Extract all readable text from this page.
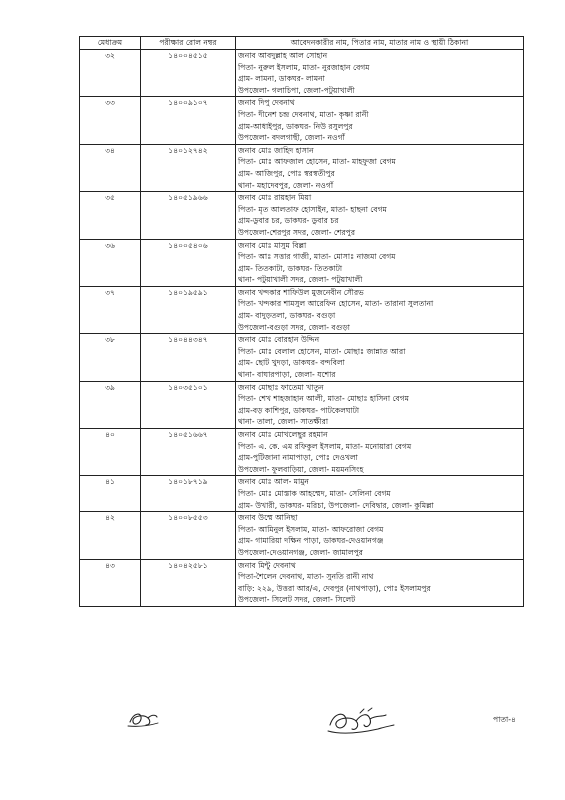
মেধাক্রম	পরীক্ষার রোল নম্বর	আবেদনকারীর নাম, পিতার নাম, মাতার নাম ও স্থায়ী ঠিকানা
৩২	১৪০০৪৫১৫	জনাব আবদুল্লাহ আল সোহান
পিতা- নুরুল ইসলাম, মাতা- নুরজাহান বেগম
গ্রাম- লামনা, ডাকঘর- লামনা
উপজেলা- গলাচিপা, জেলা-পটুয়াখালী

৩৩	১৪০০৯১০৭	জনাব দিপু দেবনাথ
পিতা- দীনেশ চন্দ্র দেবনাথ, মাতা- কৃষ্ণা রানী
গ্রাম-আধাইপুর, ডাকঘর- নিউ রসুলপুর
উপজেলা- বদলগাছী, জেলা- নওগাঁ

৩৪	১৪০১২৭৪২	জনাব মোঃ জাহিদ হাসান
পিতা- মোঃ আফজাল হোসেন, মাতা- মাহফুজা বেগম
গ্রাম- আজিপুর, পোঃ স্বরস্বতীপুর
থানা- মহাদেবপুর, জেলা- নওগাঁ

৩৫	১৪০৫১৯৬৬	জনাব মোঃ রায়হান মিয়া
পিতা- মৃত আলতাফ হোসাইন, মাতা- হাছনা বেগম
গ্রাম-ডুবার চর, ডাকঘর- ডুবার চর
উপজেলা-শেরপুর সদর, জেলা- শেরপুর

৩৬	১৪০০৫৪০৬	জনাব মোঃ মাসুম বিল্লা
পিতা- আঃ সত্তার গাজী, মাতা- মোসাঃ নাজমা বেগম
গ্রাম- তিতকাটা, ডাকঘর- তিতকাটা
থানা- পটুয়াখালী সদর, জেলা- পটুয়াখালী

৩৭	১৪০১৯৫৯১	জনাব খন্দকার শাফিউল মুজনেবীন সৌরভ
পিতা- খন্দকার শামসুল আরেফিন হোসেন, মাতা- তারানা সুলতানা
গ্রাম- বাদুড়তলা, ডাকঘর- বগুড়া
উপজেলা-বগুড়া সদর, জেলা- বগুড়া

৩৮	১৪০৪৪৩৪৭	জনাব মোঃ বোরহান উদ্দিন
পিতা- মোঃ বেলাল হোসেন, মাতা- মোছাঃ জান্নাত আরা
গ্রাম- ছোট খুদড়া, ডাকঘর- বন্দবিলা
থানা- বাঘারপাড়া, জেলা- যশোর

৩৯	১৪০৩৫১০১	জনাব মোছাঃ ফাতেমা খাতুন
পিতা- শেখ শাহজাহান আলী, মাতা- মোছাঃ হাসিনা বেগম
গ্রাম-বড় কাশিপুর, ডাকঘর- পাটকেলঘাটা
থানা- তালা, জেলা- সাতক্ষীরা

৪০	১৪০৫১৬৬৭	জনাব মোঃ মোখলেছুর রহমান
পিতা- এ. কে. এম রফিকুল ইসলাম, মাতা- মনোয়ারা বেগম
গ্রাম-পুটিজানা নামাপাড়া, পোঃ দেওখলা
উপজেলা- ফুলবাড়িয়া, জেলা- ময়মনসিংহ

৪১	১৪০১৮৭১৯	জনাব মোঃ আল- মামুন
পিতা- মোঃ মোস্তাক আহম্মেদ, মাতা- সেলিনা বেগম
গ্রাম- উখারী, ডাকঘর- মরিচা, উপজেলা- দেবিদ্বার, জেলা- কুমিল্লা

৪২	১৪০০৮৫৫৩	জনাব উম্মে আনিছা
পিতা- আমিনুল ইসলাম, মাতা- আফরোজা বেগম
গ্রাম- গামারিয়া দক্ষিন পাড়া, ডাকঘর-দেওয়ানগঞ্জ
উপজেলা-দেওয়ানগঞ্জ, জেলা- জামালপুর

৪৩	১৪০৪২৫৮১	জনাব মিন্টু দেবনাথ
পিতা-শৈলেন দেবনাথ, মাতা- সুনতি রানী নাথ
বাড়ি: ২২৯, উত্তরা আর/এ, দেবপুর (নাথপাড়া), পোঃ ইসলামপুর
উপজেলা- সিলেট সদর, জেলা- সিলেট
পাতা-৪
